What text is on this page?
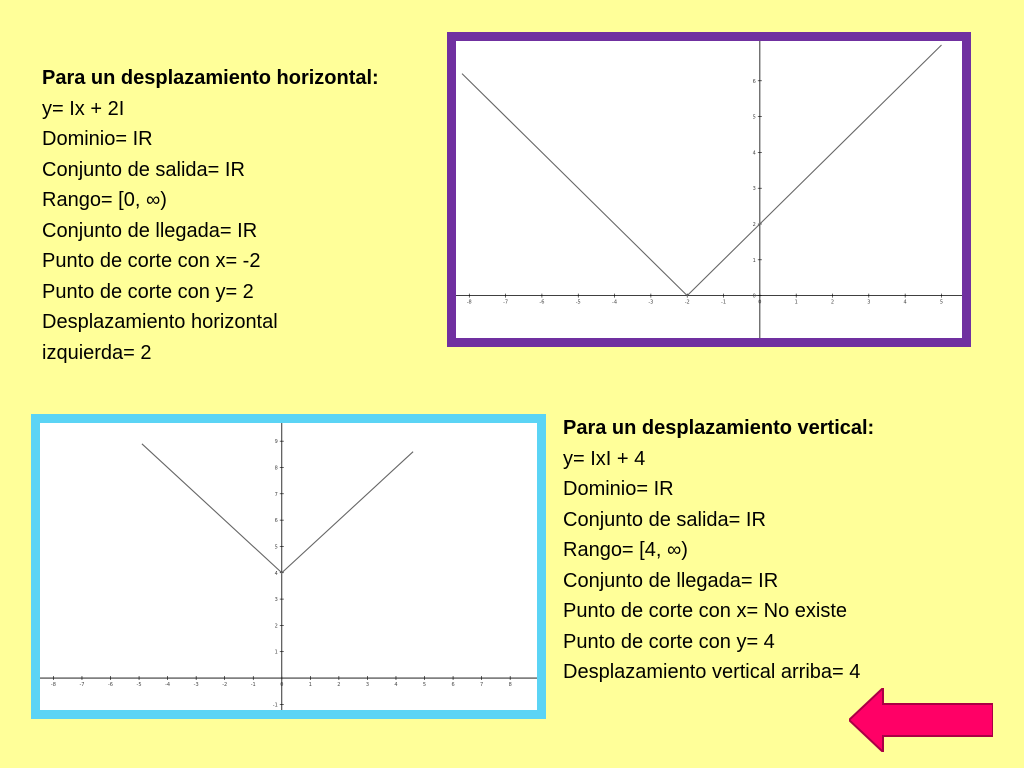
Para un desplazamiento horizontal:
y= Ix + 2I
Dominio= IR
Conjunto de salida= IR
Rango= [0, ∞)
Conjunto de llegada= IR
Punto de corte con x= -2
Punto de corte con y= 2
Desplazamiento horizontal
izquierda= 2
-8	-7	-6	-5	-4	-3	-2	-1	0	1	2	3	4	5
0
1
2
3
4
5
6
-8	-7	-6	-5	-4	-3	-2	-1	0	1	2	3	4	5	6	7	8
-1
1
2
3
4
5
6
7
8
9
Para un desplazamiento vertical:
y= IxI + 4
Dominio= IR
Conjunto de salida= IR
Rango= [4, ∞)
Conjunto de llegada= IR
Punto de corte con x= No existe
Punto de corte con y= 4
Desplazamiento vertical arriba= 4
